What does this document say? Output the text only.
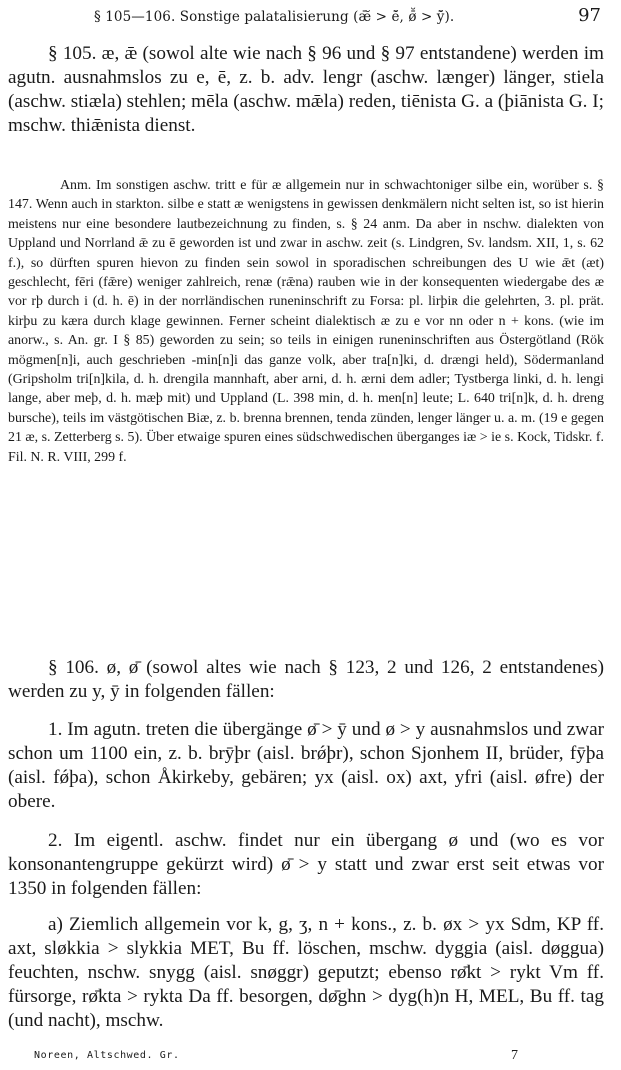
§ 105—106. Sonstige palatalisierung (ǣ̆ > ē̆, ø̄̆ > ȳ̆).	97

§ 105. æ, ǣ (sowol alte wie nach § 96 und § 97 entstandene) werden im agutn. ausnahmslos zu e, ē, z. b. adv. lengr (aschw. længer) länger, stiela (aschw. stiæla) stehlen; mēla (aschw. mǣla) reden, tiēnista G. a (þiānista G. I; mschw. thiǣnista dienst.

Anm. Im sonstigen aschw. tritt e für æ allgemein nur in schwachtoniger silbe ein, worüber s. § 147. Wenn auch in starkton. silbe e statt æ wenigstens in gewissen denkmälern nicht selten ist, so ist hierin meistens nur eine besondere lautbezeichnung zu finden, s. § 24 anm. Da aber in nschw. dialekten von Uppland und Norrland ǣ zu ē geworden ist und zwar in aschw. zeit (s. Lindgren, Sv. landsm. XII, 1, s. 62 f.), so dürften spuren hievon zu finden sein sowol in sporadischen schreibungen des U wie ǣt (æt) geschlecht, fēri (fǣre) weniger zahlreich, renæ (rǣna) rauben wie in der konsequenten wiedergabe des æ vor rþ durch i (d. h. ē) in der norrländischen runeninschrift zu Forsa: pl. lirþiʀ die gelehrten, 3. pl. prät. kirþu zu kæra durch klage gewinnen. Ferner scheint dialektisch æ zu e vor nn oder n + kons. (wie im anorw., s. An. gr. I § 85) geworden zu sein; so teils in einigen runeninschriften aus Östergötland (Rök mögmen[n]i, auch geschrieben -min[n]i das ganze volk, aber tra[n]ki, d. drængi held), Södermanland (Gripsholm tri[n]kila, d. h. drengila mannhaft, aber arni, d. h. ærni dem adler; Tystberga linki, d. h. lengi lange, aber meþ, d. h. mæþ mit) und Uppland (L. 398 min, d. h. men[n] leute; L. 640 tri[n]k, d. h. dreng bursche), teils im västgötischen Biæ, z. b. brenna brennen, tenda zünden, lenger länger u. a. m. (19 e gegen 21 æ, s. Zetterberg s. 5). Über etwaige spuren eines südschwedischen überganges iæ > ie s. Kock, Tidskr. f. Fil. N. R. VIII, 299 f.

§ 106. ø, ø̄ (sowol altes wie nach § 123, 2 und 126, 2 entstandenes) werden zu y, ȳ in folgenden fällen:

1. Im agutn. treten die übergänge ø̄ > ȳ und ø > y ausnahmslos und zwar schon um 1100 ein, z. b. brȳþr (aisl. brǿþr), schon Sjonhem II, brüder, fȳþa (aisl. fǿþa), schon Åkirkeby, gebären; yx (aisl. ox) axt, yfri (aisl. øfre) der obere.

2. Im eigentl. aschw. findet nur ein übergang ø und (wo es vor konsonantengruppe gekürzt wird) ø̄ > y statt und zwar erst seit etwas vor 1350 in folgenden fällen:

a) Ziemlich allgemein vor k, g, ʒ, n + kons., z. b. øx > yx Sdm, KP ff. axt, sløkkia > slykkia MET, Bu ff. löschen, mschw. dyggia (aisl. døggua) feuchten, nschw. snygg (aisl. snøggr) geputzt; ebenso rø̄kt > rykt Vm ff. fürsorge, rø̄kta > rykta Da ff. besorgen, dø̄ghn > dyg(h)n H, MEL, Bu ff. tag (und nacht), mschw.

Noreen, Altschwed. Gr.	7
